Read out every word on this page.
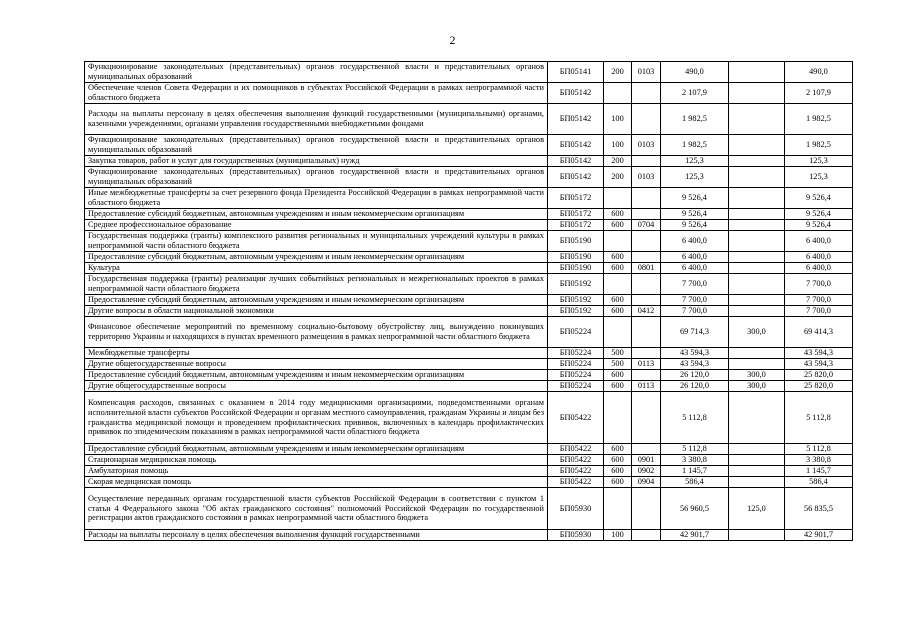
2
Функционирование законодательных (представительных) органов государственной власти и представительных органов муниципальных образований	БП05141	200	0103	490,0		490,0
Обеспечение членов Совета Федерации и их помощников в субъектах Российской Федерации в рамках непрограммной части областного бюджета	БП05142			2 107,9		2 107,9
Расходы на выплаты персоналу в целях обеспечения выполнения функций государственными (муниципальными) органами, казенными учреждениями, органами управления государственными внебюджетными фондами	БП05142	100		1 982,5		1 982,5
Функционирование законодательных (представительных) органов государственной власти и представительных органов муниципальных образований	БП05142	100	0103	1 982,5		1 982,5
Закупка товаров, работ и услуг для государственных (муниципальных) нужд	БП05142	200		125,3		125,3
Функционирование законодательных (представительных) органов государственной власти и представительных органов муниципальных образований	БП05142	200	0103	125,3		125,3
Иные межбюджетные трансферты за счет резервного фонда Президента Российской Федерации в рамках непрограммной части областного бюджета	БП05172			9 526,4		9 526,4
Предоставление субсидий бюджетным, автономным учреждениям и иным некоммерческим организациям	БП05172	600		9 526,4		9 526,4
Среднее профессиональное образование	БП05172	600	0704	9 526,4		9 526,4
Государственная поддержка (гранты) комплексного развития региональных и муниципальных учреждений культуры в рамках непрограммной части областного бюджета	БП05190			6 400,0		6 400,0
Предоставление субсидий бюджетным, автономным учреждениям и иным некоммерческим организациям	БП05190	600		6 400,0		6 400,0
Культура	БП05190	600	0801	6 400,0		6 400,0
Государственная поддержка (гранты) реализации лучших событийных региональных и межрегиональных проектов в рамках непрограммной части областного бюджета	БП05192			7 700,0		7 700,0
Предоставление субсидий бюджетным, автономным учреждениям и иным некоммерческим организациям	БП05192	600		7 700,0		7 700,0
Другие вопросы в области национальной экономики	БП05192	600	0412	7 700,0		7 700,0
Финансовое обеспечение мероприятий по временному социально-бытовому обустройству лиц, вынужденно покинувших территорию Украины и находящихся в пунктах временного размещения в рамках непрограммной части областного бюджета	БП05224			69 714,3	300,0	69 414,3
Межбюджетные трансферты	БП05224	500		43 594,3		43 594,3
Другие общегосударственные вопросы	БП05224	500	0113	43 594,3		43 594,3
Предоставление субсидий бюджетным, автономным учреждениям и иным некоммерческим организациям	БП05224	600		26 120,0	300,0	25 820,0
Другие общегосударственные вопросы	БП05224	600	0113	26 120,0	300,0	25 820,0
Компенсация расходов, связанных с оказанием в 2014 году медицинскими организациями, подведомственными органам исполнительной власти субъектов Российской Федерации и органам местного самоуправления, гражданам Украины и лицам без гражданства медицинской помощи и проведением профилактических прививок, включенных в календарь профилактических прививок по эпидемическим показаниям в рамках непрограммной части областного бюджета	БП05422			5 112,8		5 112,8
Предоставление субсидий бюджетным, автономным учреждениям и иным некоммерческим организациям	БП05422	600		5 112,8		5 112,8
Стационарная медицинская помощь	БП05422	600	0901	3 380,8		3 380,8
Амбулаторная помощь	БП05422	600	0902	1 145,7		1 145,7
Скорая медицинская помощь	БП05422	600	0904	586,4		586,4
Осуществление переданных органам государственной власти субъектов Российской Федерации в соответствии с пунктом 1 статьи 4 Федерального закона "Об актах гражданского состояния" полномочий Российской Федерации по государственной регистрации актов гражданского состояния в рамках непрограммной части областного бюджета	БП05930			56 960,5	125,0	56 835,5
Расходы на выплаты персоналу в целях обеспечения выполнения функций государственными	БП05930	100		42 901,7		42 901,7
